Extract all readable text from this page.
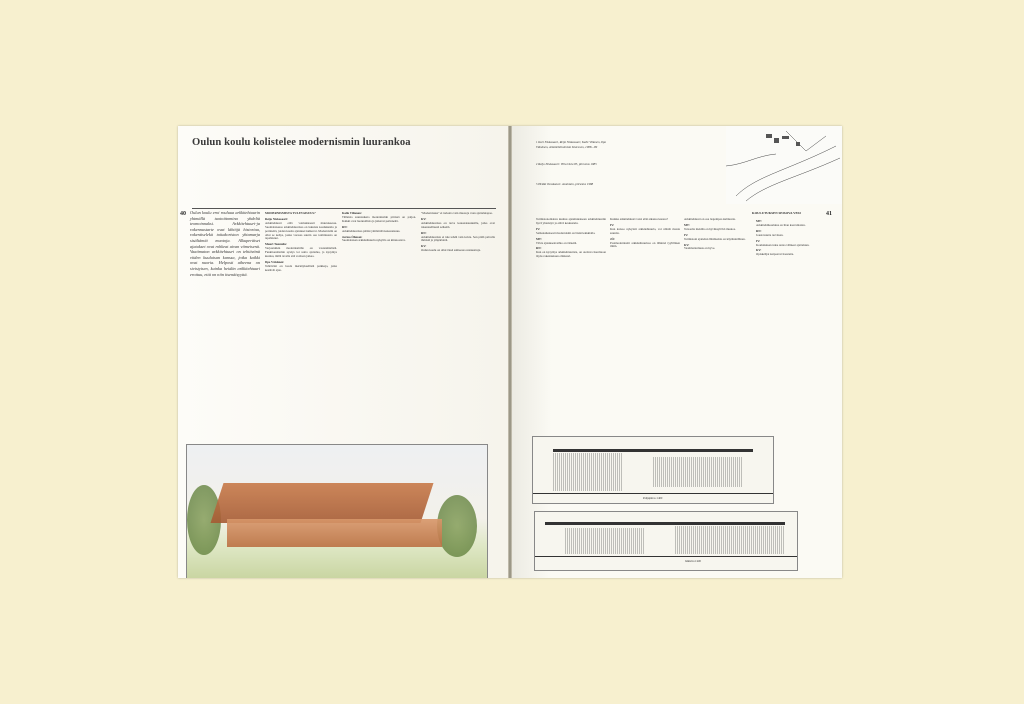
Oulun koulu kolistelee modernismin luurankoa
40 Oulun koulu eroi rouluua arkkitehtuurin yhtmällä tuotoittomina yhdeltä teomoinnaksi. Arkkitehtuuri-ja rakennustarte ovat lähtöjä historiaa, rakentiselekä toitakoriston yhtamarja sisältämiä muotoja. Alkuperäiset ajatukset ovat rohkeat aivan viimeisenä. Vaatimaton arkkitehtuuri on tehtävänä viiden kuuluisan kanssa, jotka kaikki ovat nuoria. Helposti aiheena on sivistyisen, kuinka heidän arkkitehtuuri erottuu, että on niin itsenäisyyttä.
MODERNISMISTA TULEVAISUUS?

Reijo Niskasaari:
Arkkitehtuuri elää voimakkaasti muutoksessa. Suomalaisessa arkkitehtuurissa on lukuisia koulukuntia ja perinteitä, joiden kautta ajatukset kulkevat. Modernismi on ollut se kehys, jonka varassa suurin osa toiminnasta on tapahtunut.

Mauri Tommila:
Varjoutuikin modernismille on vastenmielistä. Funktionalismin sysäys loi uutta ajattelua, ja kysymys kuuluu, millä tavalla sitä voidaan jatkaa.

Ilpo Väisänen:
Tehtäväni on luoda merkityksellisiä paikkoja, jotka kestävät ajan.

Kalle Vilianen:
Tällaisia suuntauksia modernismin piirissä on paljon. Kaikki ovat luonnollisia ja jatkavat perinnettä.

RN:
Arkkitehtuurissa pitäisi ymmärtää kokonaisuus.

Jorma Öhman:
Suomalaisen arkkitehtuurin nykytila on kiinnostava.

"Modernisuus" ei tarkoita vain muotoja vaan ajattelutapaa.

KV:
Arkkitehtuurissa on tarve kokonaisuuksille, jotka ovat rakenteellisesti selkeitä.

RN:
Arkkitehtuurista ei tule tehdä vain kuvia. Sen pitää palvella ihmisiä ja ympäristöä.

KV:
Oulun koulu on ollut tässä suhteessa uranuurtaja.

1 Kari Niskasaari, Reijo Niskasaari, Kalle Vilianen, Ilpo Väisänen, Arkkitehtitoimisto Kiurunen, 1988—89
2 Reijo Niskasaari: Villa Oulu 85, piirustus 1985
3 Heikki Tanskanen: Asuintalo, piirustus 1988
41
KOULUTUKSEN SEISOVA VESI

Toimistonomaista kuuluu ajanmukaiseen arkkitehtuuriin hyvä yhteistyö ja elävä keskustelu.

IV:
Samanaikaisesti modernismi on läsnä kaikkialla.

MT:
Tiivis ajatuksenvaihto on tärkeää.

RN:
Kun on kysymys arkkitehtuurista, on otettava huomioon myös rakennuksen elinkaari.

Kuinka arkkitehtuuri voisi elää aikansa kanssa?

IV:
Kun katsoo nykyistä arkkitehtuuria, voi nähdä monia suuntia.

JÖ:
Postmodernismi arkkitehtuurissa on lähinnä tyylillinen ilmiö.

Arkkitehtuuri on osa laajempaa kulttuuria.

MT:
Toisaalta meidän on hyväksyttävä muutos.

IV:
Toimistoni ajattelun lähtökohta on käytännöllinen.

KV:
Vaatimattomuus on hyve.

MT:
Arkkitehtikoulutus on liian kaavamaista.

RN:
Joustavuutta tarvitaan.

IV:
Koulutuksen tulee antaa välineet ajatteluun.

KV:
Opiskelijat kaipaavat haasteita.

Pohjapiirros 1:400
Julkisivu 1:400
